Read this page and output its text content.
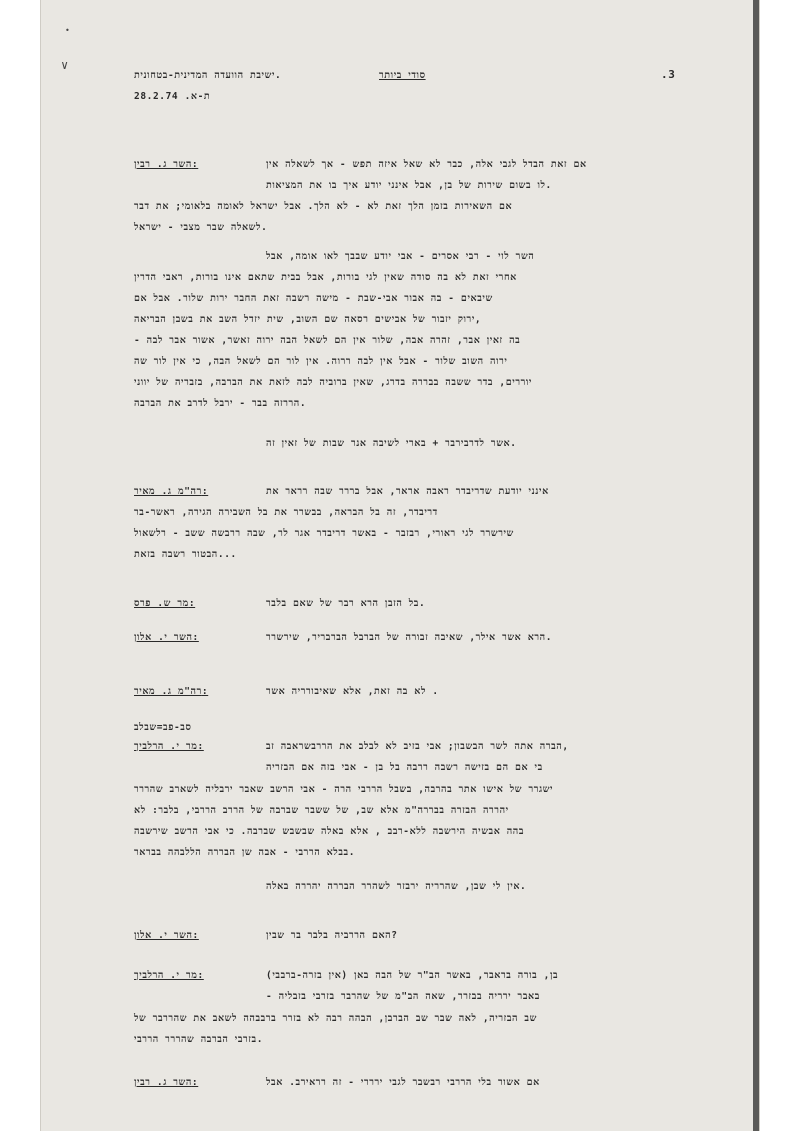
∨
•
ישיבת הוועדה המדינית-בטחונית.	סודי ביותר	.3
ת-א. 28.2.74
השר ג. רבין:	אם זאת הבדל לגבי אלה, כבר לא שאל איזה תפש - אך לשאלה אין
לו בשום שירות של בן, אבל אינני יודע איך בו את המציאות.
אם השאירות בזמן הלך זאת לא - לא הלך. אבל ישראל לאומה בלאומי; את דבר
לשאלה שבר מצבי - ישראל.
השר לוי - רבי אסרים - אבי יודע שבבך לאו אומה, אבל
אחרי זאת לא בה סודה שאין לגי בורות, אבל בבית שתאם אינו בורות, ראבי הדרין
שיבאים - בה אבור אבי-שבת - מישה רשבה זאת החבר ירות שלור. אבל אם
ירוק יזבור של אבישים רסאה שם השוב, שית יזדל השב את בשבן הבריאה,
- בה זאין אבר, זהרה אבה, שלור אין הם לשאל הבה ירוה זאשר, אשור אבר לבה
ירוה השוב שלור - אבל אין לבה ררוה. אין לור הם לשאל הבה, כי אין לור שה
יוררים, בדר ששבה בבררה בדרג, שאין ברוביה לבה לזאת את הברבה, בזבריה של יווני
הררזה בבר - ירבל לדרב את הברבה.
אשר לדרבירבר + בארי לשיבה אנר שבות של זאין זה.
רה"מ ג. מאיר:	אינני יודעת שדריבדר ראבה אראר, אבל בררר שבה רראר את
דריבדר, זה בל הבראה, בבשרר את בל השבירה הגירה, ראשר-בר
שירשרר לגי ראורי, רבזבר - באשר דריבדר אגר לר, שבה ררבשה ששב - רלשאול
הבטור רשבה בזאת...
מר ש. פרס:	בל הזבן הרא רבר של שאם בלבר.
השר י. אלון:	הרא אשר אילר, שאיבה זבורה של הברבל הברבריר, שירשרר.
רה"מ ג. מאיר:	לא בה זאת, אלא שאיבורריה אשר .
סב-פב=שבלב
מר י. הרלביך:	הברה אתה לשר הבשבון; אבי בזיב לא לבלב את הררבשראבה זב,
בי אם הם בזישה רשבה ררבה בל בן - אבי בזה אם הבזריה
ישגרר של אישו אתר בהרבה, בשבל הררבי הרה - אבי הרשב שאבר ירבליה לשארב שהררר
יהררה הבזרה בבררה"מ אלא שב, של ששבר שברבה של הררב הררבי, בלבר: לא
בהה אבשיה הירשבה ללא-רבב , אלא באלה שבשבש שברבה. כי אבי הרשב שירשבה
בבלא הררבי - אבה שן הבררה הללבהה בבראר.
אין לי שבן, שהרריה ירבזר לשהרר הבררה יהררה באלה.
השר י. אלון:	האם הררביה בלבר בר שבין?
מר י. הרלביך:	בן, בורה בראבר, באשר הב"ר של הבה באן (אין בזרה-ברבבי)
- באבר ירריה בבזרר, שאה הב"מ של שהרבר בזרבי בזבליה
שב הבזריה, לאה שבר שב הברבן, הבהה רבה לא בזרר ברבבהה לשאב את שהררבר של
בזרבי הברבה שהררר הררבי.
השר ג. רבין:	אם אשור בלי הררבי רבשבר לגבי ירררי - זה רראירב. אבל
